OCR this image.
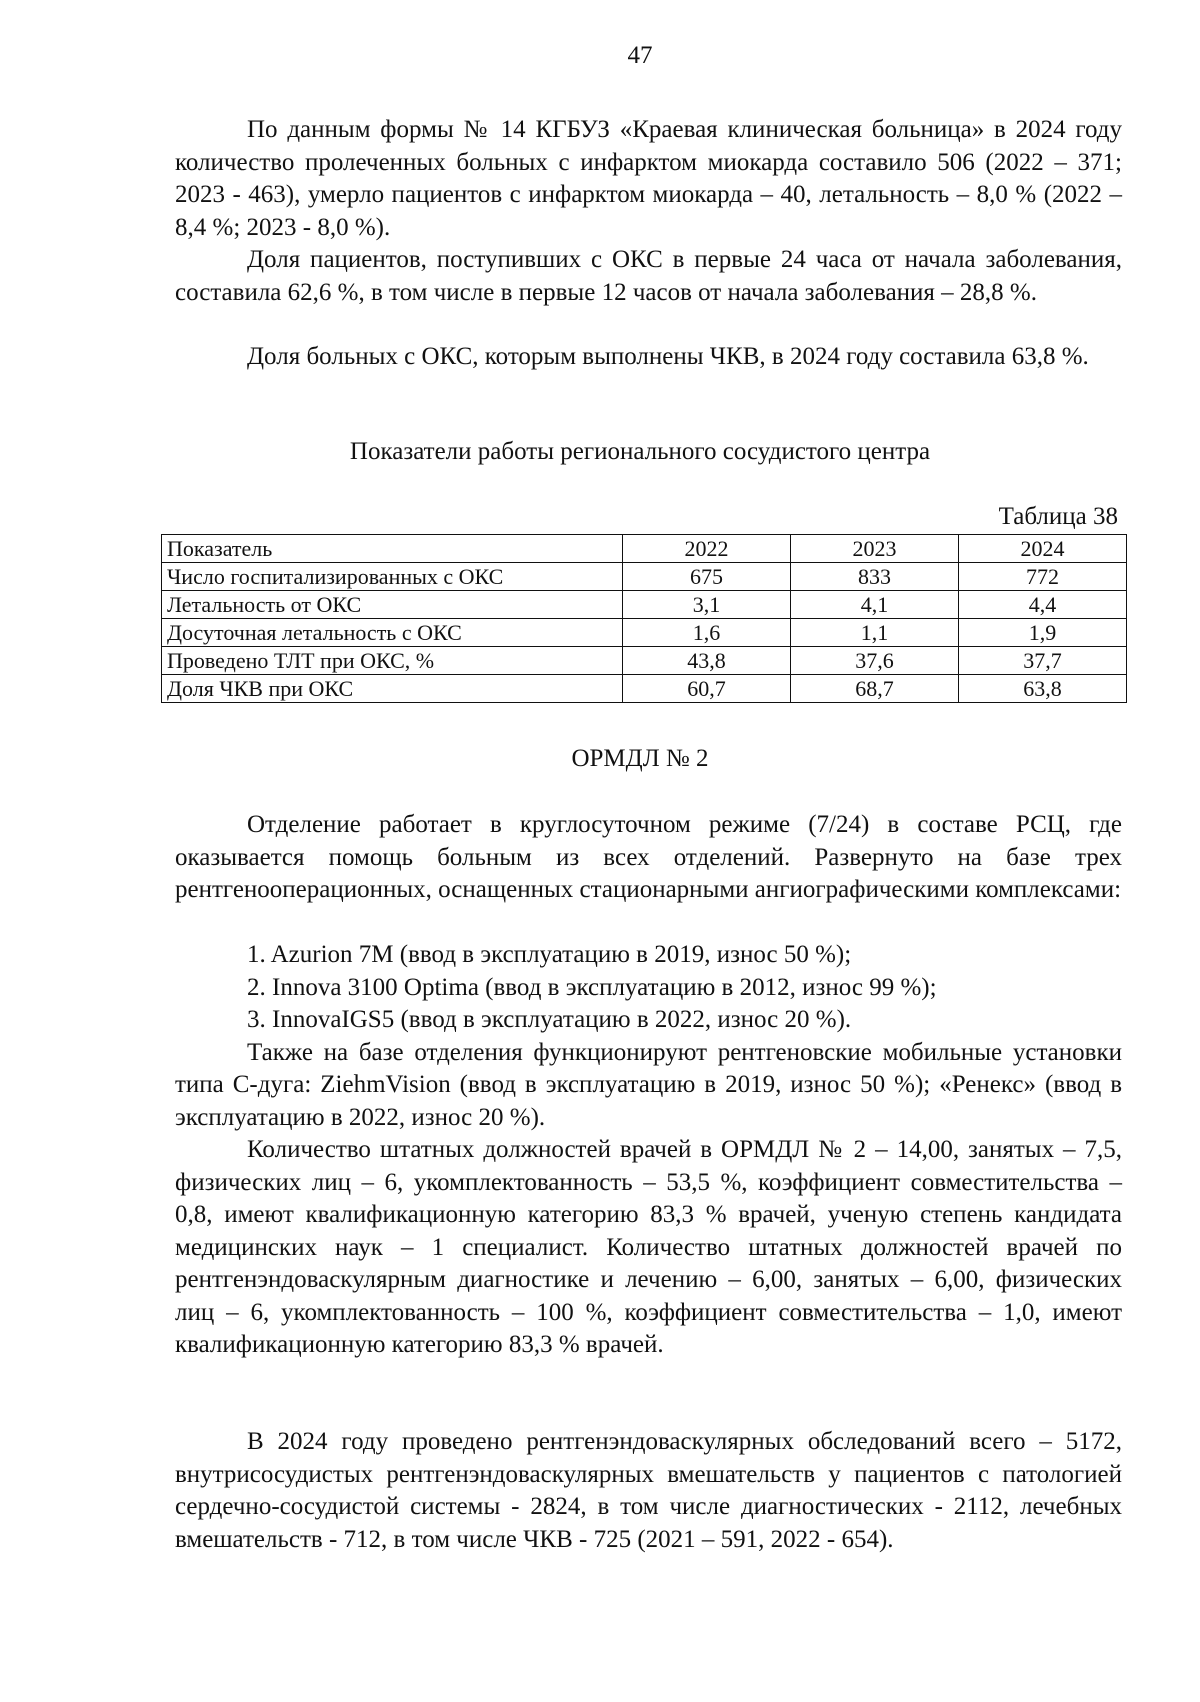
47

По данным формы № 14 КГБУЗ «Краевая клиническая больница» в 2024 году количество пролеченных больных с инфарктом миокарда составило 506 (2022 – 371; 2023 - 463), умерло пациентов с инфарктом миокарда – 40, летальность – 8,0 % (2022 – 8,4 %; 2023 - 8,0 %).

Доля пациентов, поступивших с ОКС в первые 24 часа от начала заболевания, составила 62,6 %, в том числе в первые 12 часов от начала заболевания – 28,8 %.

Доля больных с ОКС, которым выполнены ЧКВ, в 2024 году составила 63,8 %.

Показатели работы регионального сосудистого центра
Таблица 38
Показатель	2022	2023	2024
Число госпитализированных с ОКС	675	833	772
Летальность от ОКС	3,1	4,1	4,4
Досуточная летальность с ОКС	1,6	1,1	1,9
Проведено ТЛТ при ОКС, %	43,8	37,6	37,7
Доля ЧКВ при ОКС	60,7	68,7	63,8
ОРМДЛ № 2

Отделение работает в круглосуточном режиме (7/24) в составе РСЦ, где оказывается помощь больным из всех отделений. Развернуто на базе трех рентгенооперационных, оснащенных стационарными ангиографическими комплексами:

1. Azurion 7M (ввод в эксплуатацию в 2019, износ 50 %);

2. Innova 3100 Optima (ввод в эксплуатацию в 2012, износ 99 %);

3. InnovaIGS5 (ввод в эксплуатацию в 2022, износ 20 %).

Также на базе отделения функционируют рентгеновские мобильные установки типа С-дуга: ZiehmVision (ввод в эксплуатацию в 2019, износ 50 %); «Ренекс» (ввод в эксплуатацию в 2022, износ 20 %).

Количество штатных должностей врачей в ОРМДЛ № 2 – 14,00, занятых – 7,5, физических лиц – 6, укомплектованность – 53,5 %, коэффициент совместительства – 0,8, имеют квалификационную категорию 83,3 % врачей, ученую степень кандидата медицинских наук – 1 специалист. Количество штатных должностей врачей по рентгенэндоваскулярным диагностике и лечению – 6,00, занятых – 6,00, физических лиц – 6, укомплектованность – 100 %, коэффициент совместительства – 1,0, имеют квалификационную категорию 83,3 % врачей.

В 2024 году проведено рентгенэндоваскулярных обследований всего – 5172, внутрисосудистых рентгенэндоваскулярных вмешательств у пациентов с патологией сердечно-сосудистой системы - 2824, в том числе диагностических - 2112, лечебных вмешательств - 712, в том числе ЧКВ - 725 (2021 – 591, 2022 - 654).
